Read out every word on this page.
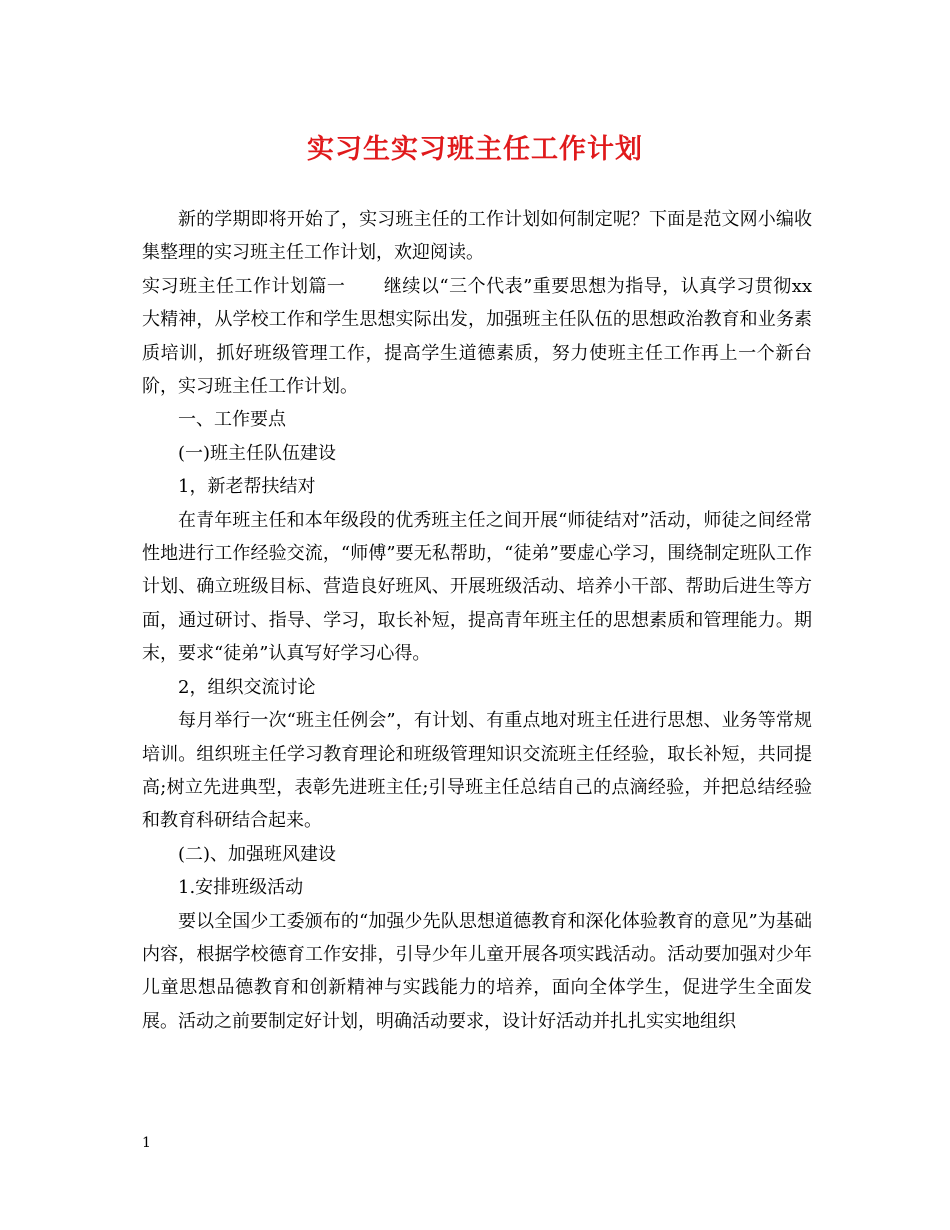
实习生实习班主任工作计划

新的学期即将开始了，实习班主任的工作计划如何制定呢？下面是范文网小编收集整理的实习班主任工作计划，欢迎阅读。

实习班主任工作计划篇一 继续以“三个代表”重要思想为指导，认真学习贯彻xx大精神，从学校工作和学生思想实际出发，加强班主任队伍的思想政治教育和业务素质培训，抓好班级管理工作，提高学生道德素质，努力使班主任工作再上一个新台阶，实习班主任工作计划。

一、工作要点

(一)班主任队伍建设

1，新老帮扶结对

在青年班主任和本年级段的优秀班主任之间开展“师徒结对”活动，师徒之间经常性地进行工作经验交流，“师傅”要无私帮助，“徒弟”要虚心学习，围绕制定班队工作计划、确立班级目标、营造良好班风、开展班级活动、培养小干部、帮助后进生等方面，通过研讨、指导、学习，取长补短，提高青年班主任的思想素质和管理能力。期末，要求“徒弟”认真写好学习心得。

2，组织交流讨论

每月举行一次“班主任例会”，有计划、有重点地对班主任进行思想、业务等常规培训。组织班主任学习教育理论和班级管理知识交流班主任经验，取长补短，共同提高;树立先进典型，表彰先进班主任;引导班主任总结自己的点滴经验，并把总结经验和教育科研结合起来。

(二)、加强班风建设

1.安排班级活动

要以全国少工委颁布的“加强少先队思想道德教育和深化体验教育的意见”为基础内容，根据学校德育工作安排，引导少年儿童开展各项实践活动。活动要加强对少年儿童思想品德教育和创新精神与实践能力的培养，面向全体学生，促进学生全面发展。活动之前要制定好计划，明确活动要求，设计好活动并扎扎实实地组织

1
